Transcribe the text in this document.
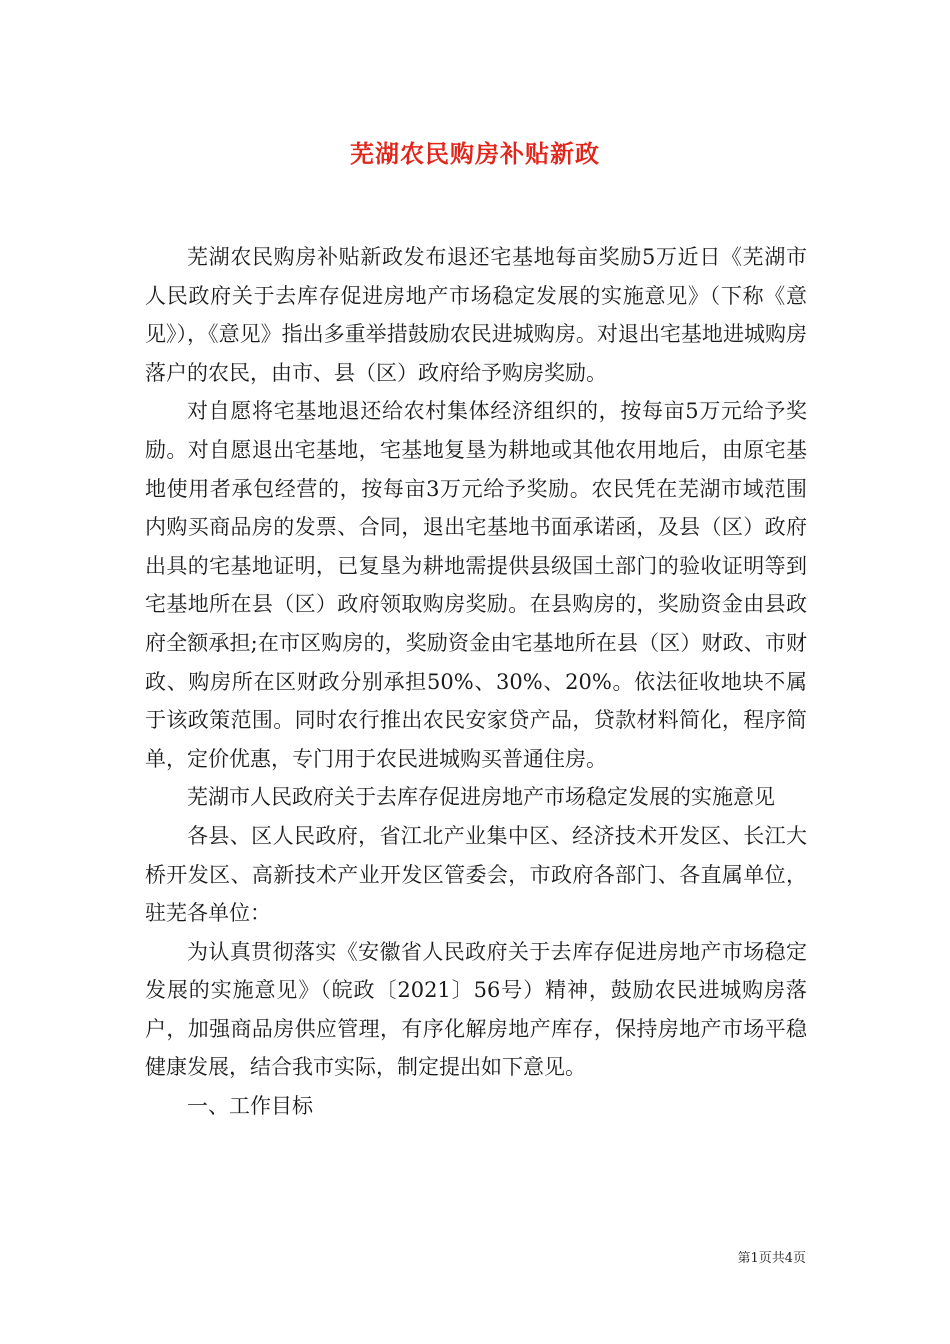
芜湖农民购房补贴新政

芜湖农民购房补贴新政发布退还宅基地每亩奖励5万近日《芜湖市人民政府关于去库存促进房地产市场稳定发展的实施意见》（下称《意见》），《意见》指出多重举措鼓励农民进城购房。对退出宅基地进城购房落户的农民，由市、县（区）政府给予购房奖励。

对自愿将宅基地退还给农村集体经济组织的，按每亩5万元给予奖励。对自愿退出宅基地，宅基地复垦为耕地或其他农用地后，由原宅基地使用者承包经营的，按每亩3万元给予奖励。农民凭在芜湖市域范围内购买商品房的发票、合同，退出宅基地书面承诺函，及县（区）政府出具的宅基地证明，已复垦为耕地需提供县级国土部门的验收证明等到宅基地所在县（区）政府领取购房奖励。在县购房的，奖励资金由县政府全额承担;在市区购房的，奖励资金由宅基地所在县（区）财政、市财政、购房所在区财政分别承担50%、30%、20%。依法征收地块不属于该政策范围。同时农行推出农民安家贷产品，贷款材料简化，程序简单，定价优惠，专门用于农民进城购买普通住房。

芜湖市人民政府关于去库存促进房地产市场稳定发展的实施意见

各县、区人民政府，省江北产业集中区、经济技术开发区、长江大桥开发区、高新技术产业开发区管委会，市政府各部门、各直属单位，驻芜各单位：

为认真贯彻落实《安徽省人民政府关于去库存促进房地产市场稳定发展的实施意见》（皖政〔2021〕56号）精神，鼓励农民进城购房落户，加强商品房供应管理，有序化解房地产库存，保持房地产市场平稳健康发展，结合我市实际，制定提出如下意见。

一、工作目标

第1页共4页
